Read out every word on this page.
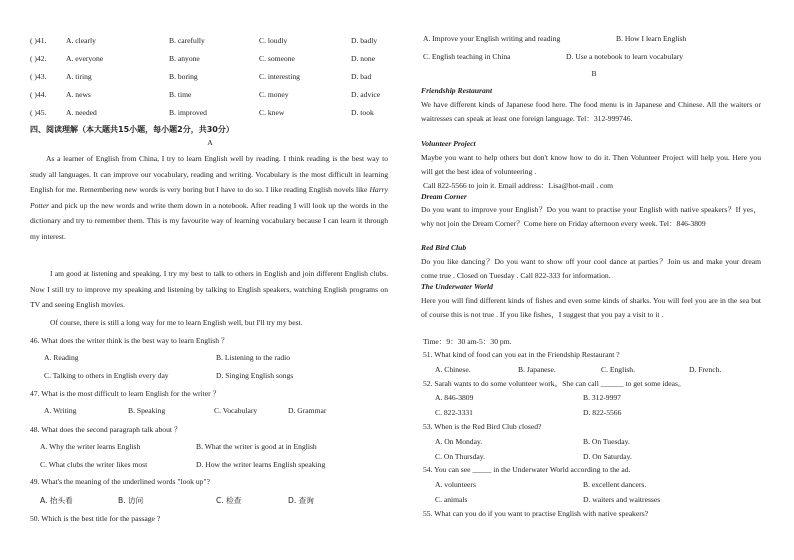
( )41.	A. clearly	B. carefully	C. loudly	D. badly
( )42.	A. everyone	B. anyone	C. someone	D. none
( )43.	A. tiring	B. boring	C. interesting	D. bad
( )44.	A. news	B. time	C. money	D. advice
( )45.	A. needed	B. improved	C. knew	D. took
四、阅读理解（本大题共15小题，每小题2分，共30分）
A
As a learner of English from China, I try to learn English well by reading. I think reading is the best way to study all languages. It can improve our vocabulary, reading and writing. Vocabulary is the most difficult in learning English for me. Remembering new words is very boring but I have to do so. I like reading English novels like Harry Potter and pick up the new words and write them down in a notebook. After reading I will look up the words in the dictionary and try to remember them. This is my favourite way of learning vocabulary because I can learn it through my interest.
I am good at listening and speaking. I try my best to talk to others in English and join different English clubs. Now I still try to improve my speaking and listening by talking to English speakers, watching English programs on TV and seeing English movies.
Of course, there is still a long way for me to learn English well, but I'll try my best.
46. What does the writer think is the best way to learn English ？
A. Reading	B. Listening to the radio
C. Talking to others in English every day	D. Singing English songs
47. What is the most difficult to learn English for the writer ？
A. Writing	B. Speaking	C. Vocabulary	D. Grammar
48. What does the second paragraph talk about ？
A. Why the writer learns English	B. What the writer is good at in English
C. What clubs the writer likes most	D. How the writer learns English speaking
49. What's the meaning of the underlined words "look up"?
A. 抬头看	B. 访问	C. 检查	D. 查询
50. Which is the best title for the passage ?
A. Improve your English writing and reading	B. How I learn English
C. English teaching in China	D. Use a notebook to learn vocabulary
B
Friendship Restaurant
We have different kinds of Japanese food here. The food menu is in Japanese and Chinese. All the waiters or waitresses can speak at least one foreign language. Tel：312-999746.
Volunteer Project
Maybe you want to help others but don't know how to do it. Then Volunteer Project will help you. Here you will get the best idea of volunteering .
Call 822-5566 to join it. Email address：Lisa@hot-mail . com
Dream Corner
Do you want to improve your English？Do you want to practise your English with native speakers？If yes，why not join the Dream Corner？Come here on Friday afternoon every week. Tel：846-3809
Red Bird Club
Do you like dancing？Do you want to show off your cool dance at parties？Join us and make your dream come true . Closed on Tuesday . Call 822-333 for information.
The Underwater World
Here you will find different kinds of fishes and even some kinds of sharks. You will feel you are in the sea but of course this is not true . If you like fishes，I suggest that you pay a visit to it .
Time：9：30 am-5：30 pm.
51. What kind of food can you eat in the Friendship Restaurant ?
A. Chinese.	B. Japanese.	C. English.	D. French.
52. Sarah wants to do some volunteer work。She can call ______ to get some ideas。
A. 846-3809	B. 312-9997
C. 822-3331	D. 822-5566
53. When is the Red Bird Club closed?
A. On Monday.	B. On Tuesday.
C. On Thursday.	D. On Saturday.
54. You can see _____ in the Underwater World according to the ad.
A. volunteers	B. excellent dancers.
C. animals	D. waiters and waitresses
55. What can you do if you want to practise English with native speakers?
